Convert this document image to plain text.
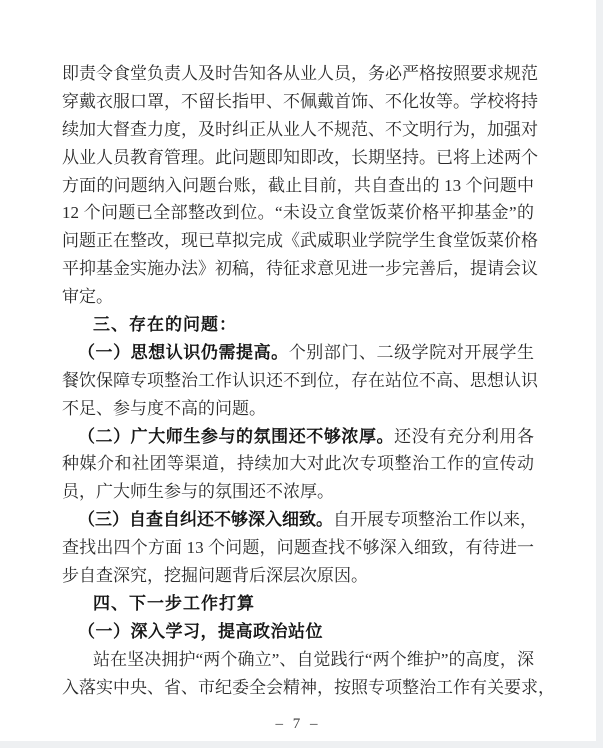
即责令食堂负责人及时告知各从业人员，务必严格按照要求规范
穿戴衣服口罩，不留长指甲、不佩戴首饰、不化妆等。学校将持
续加大督查力度，及时纠正从业人不规范、不文明行为，加强对
从业人员教育管理。此问题即知即改，长期坚持。已将上述两个
方面的问题纳入问题台账，截止目前，共自查出的 13 个问题中
12 个问题已全部整改到位。“未设立食堂饭菜价格平抑基金”的
问题正在整改，现已草拟完成《武威职业学院学生食堂饭菜价格
平抑基金实施办法》初稿，待征求意见进一步完善后，提请会议
审定。
三、存在的问题：
（一）思想认识仍需提高。个别部门、二级学院对开展学生
餐饮保障专项整治工作认识还不到位，存在站位不高、思想认识
不足、参与度不高的问题。
（二）广大师生参与的氛围还不够浓厚。还没有充分利用各
种媒介和社团等渠道，持续加大对此次专项整治工作的宣传动
员，广大师生参与的氛围还不浓厚。
（三）自查自纠还不够深入细致。自开展专项整治工作以来，
查找出四个方面 13 个问题，问题查找不够深入细致，有待进一
步自查深究，挖掘问题背后深层次原因。
四、下一步工作打算
（一）深入学习，提高政治站位
站在坚决拥护“两个确立”、自觉践行“两个维护”的高度，深
入落实中央、省、市纪委全会精神，按照专项整治工作有关要求，
– 7 –
